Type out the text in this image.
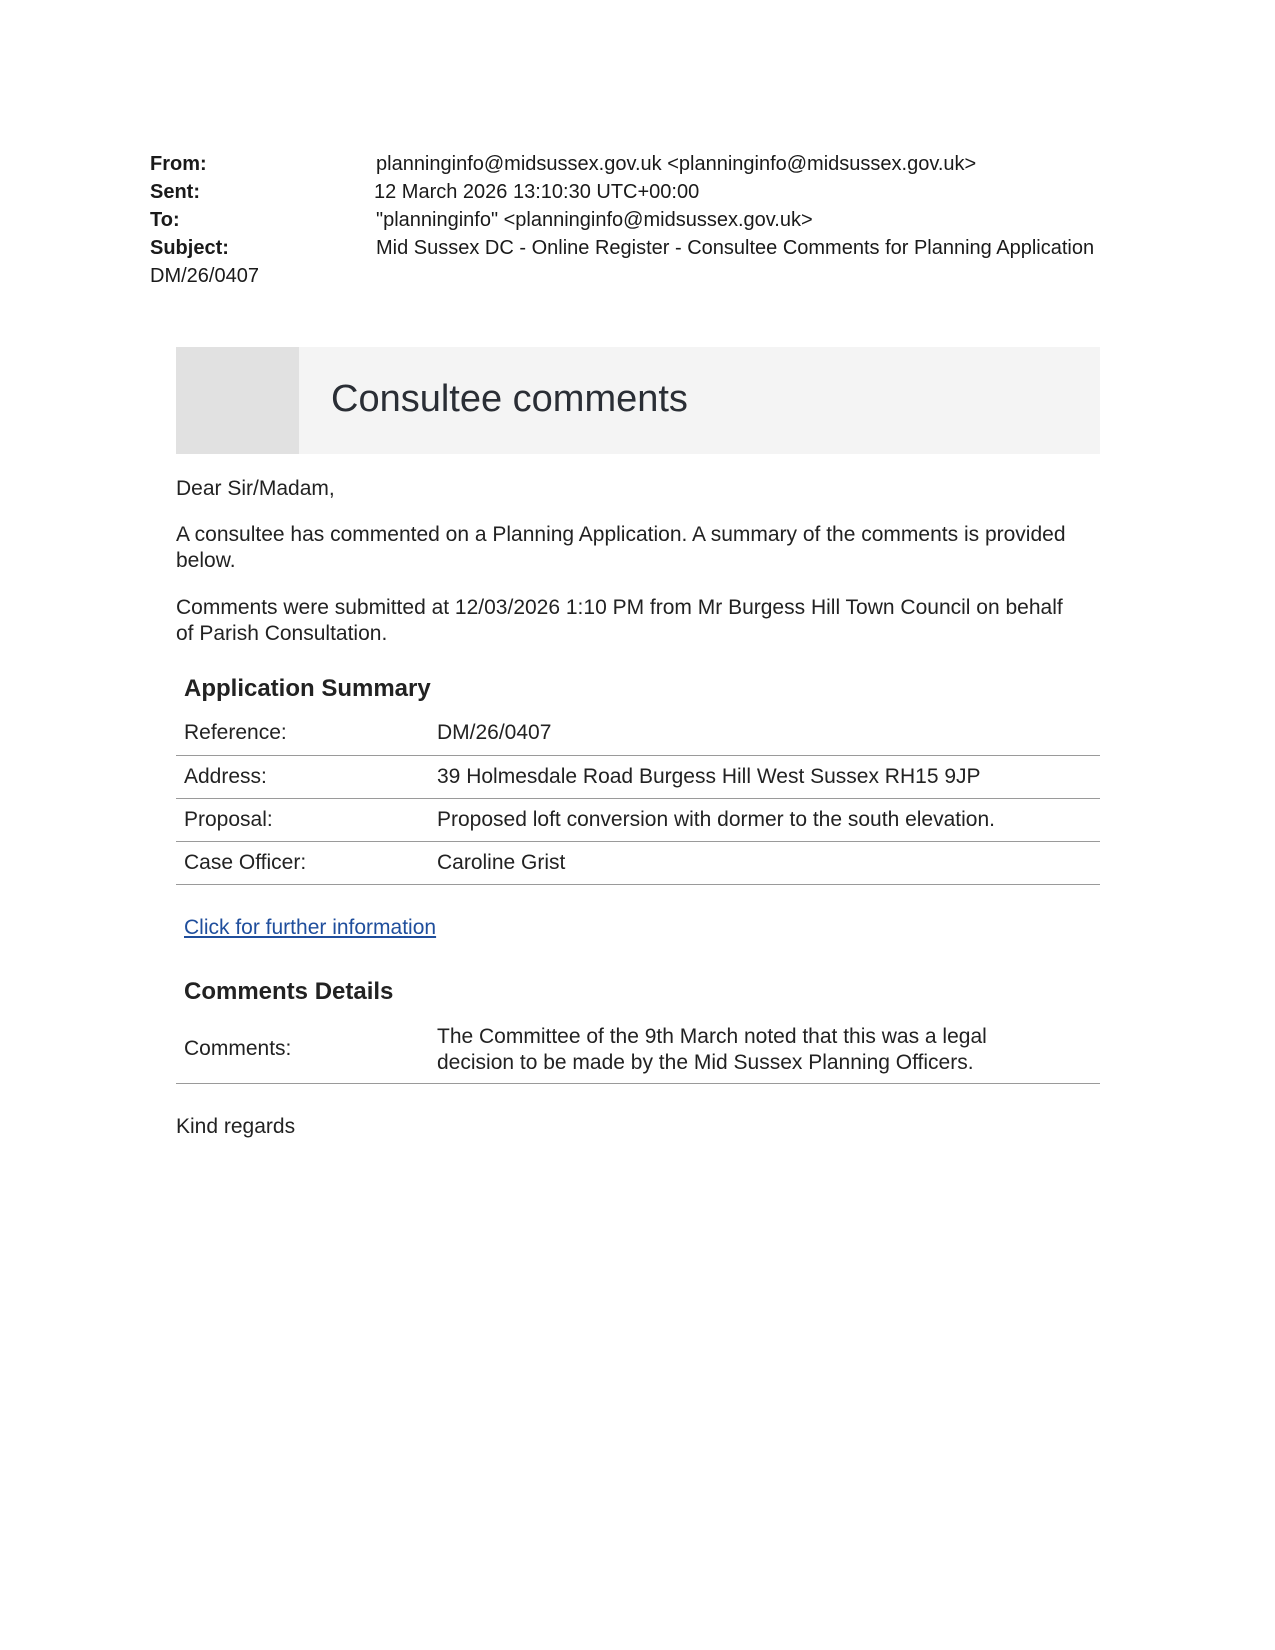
From:	planninginfo@midsussex.gov.uk <planninginfo@midsussex.gov.uk>
Sent:	12 March 2026 13:10:30 UTC+00:00
To:	"planninginfo" <planninginfo@midsussex.gov.uk>
Subject:	Mid Sussex DC - Online Register - Consultee Comments for Planning Application
DM/26/0407
Consultee comments

Dear Sir/Madam,

A consultee has commented on a Planning Application. A summary of the comments is provided below.

Comments were submitted at 12/03/2026 1:10 PM from Mr Burgess Hill Town Council on behalf of Parish Consultation.

Application Summary
Reference:	DM/26/0407
Address:	39 Holmesdale Road Burgess Hill West Sussex RH15 9JP
Proposal:	Proposed loft conversion with dormer to the south elevation.
Case Officer:	Caroline Grist
Click for further information
Comments Details
Comments:
The Committee of the 9th March noted that this was a legal decision to be made by the Mid Sussex Planning Officers.

Kind regards
